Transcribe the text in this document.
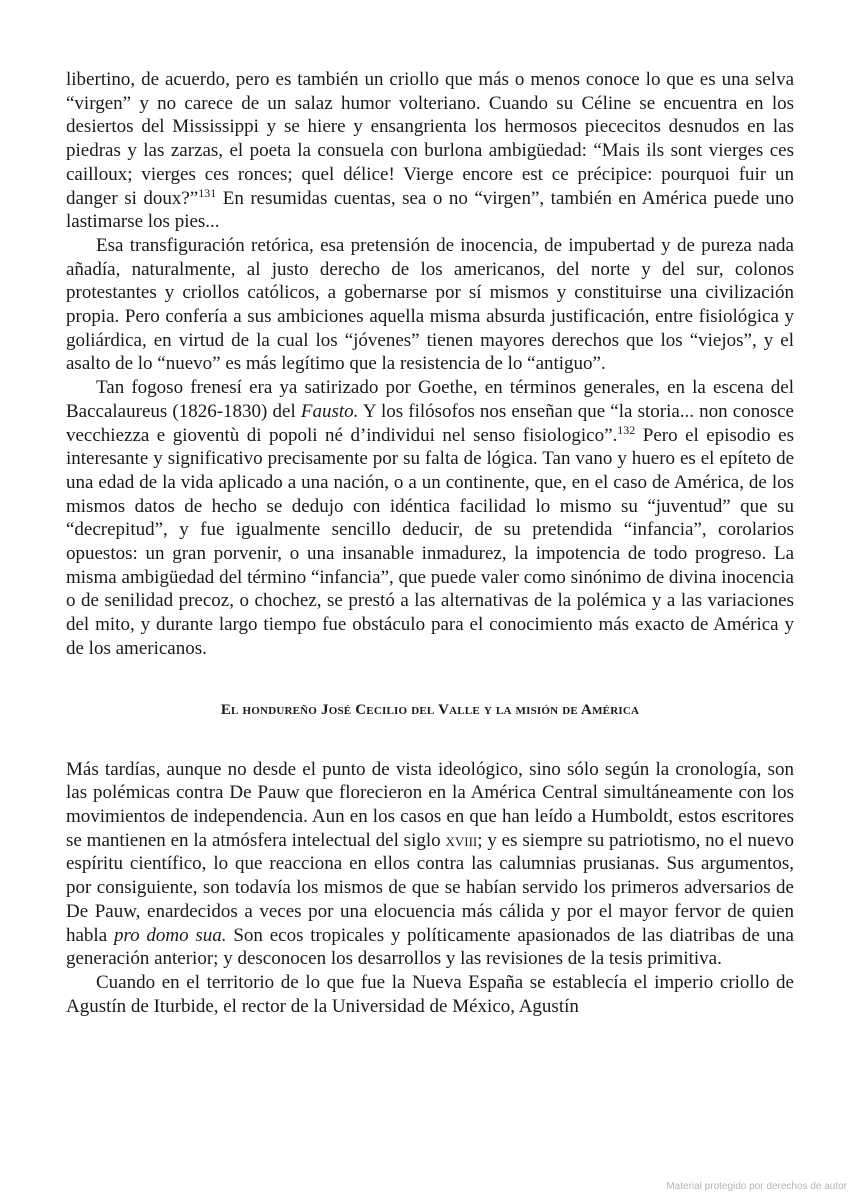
libertino, de acuerdo, pero es también un criollo que más o menos conoce lo que es una selva “virgen” y no carece de un salaz humor volteriano. Cuando su Céline se encuentra en los desiertos del Mississippi y se hiere y ensangrienta los hermosos piececitos desnudos en las piedras y las zarzas, el poeta la consuela con burlona ambigüedad: “Mais ils sont vierges ces cailloux; vierges ces ronces; quel délice! Vierge encore est ce précipice: pourquoi fuir un danger si doux?”$^{131}$ En resumidas cuentas, sea o no “virgen”, también en América puede uno lastimarse los pies...

Esa transfiguración retórica, esa pretensión de inocencia, de impubertad y de pureza nada añadía, naturalmente, al justo derecho de los americanos, del norte y del sur, colonos protestantes y criollos católicos, a gobernarse por sí mismos y constituirse una civilización propia. Pero confería a sus ambiciones aquella misma absurda justificación, entre fisiológica y goliárdica, en virtud de la cual los “jóvenes” tienen mayores derechos que los “viejos”, y el asalto de lo “nuevo” es más legítimo que la resistencia de lo “antiguo”.

Tan fogoso frenesí era ya satirizado por Goethe, en términos generales, en la escena del Baccalaureus (1826-1830) del Fausto. Y los filósofos nos enseñan que “la storia... non conosce vecchiezza e gioventù di popoli né d’individui nel senso fisiologico”.$^{132}$ Pero el episodio es interesante y significativo precisamente por su falta de lógica. Tan vano y huero es el epíteto de una edad de la vida aplicado a una nación, o a un continente, que, en el caso de América, de los mismos datos de hecho se dedujo con idéntica facilidad lo mismo su “juventud” que su “decrepitud”, y fue igualmente sencillo deducir, de su pretendida “infancia”, corolarios opuestos: un gran porvenir, o una insanable inmadurez, la impotencia de todo progreso. La misma ambigüedad del término “infancia”, que puede valer como sinónimo de divina inocencia o de senilidad precoz, o chochez, se prestó a las alternativas de la polémica y a las variaciones del mito, y durante largo tiempo fue obstáculo para el conocimiento más exacto de América y de los americanos.

El hondureño José Cecilio del Valle y la misión de América

Más tardías, aunque no desde el punto de vista ideológico, sino sólo según la cronología, son las polémicas contra De Pauw que florecieron en la América Central simultáneamente con los movimientos de independencia. Aun en los casos en que han leído a Humboldt, estos escritores se mantienen en la atmósfera intelectual del siglo xviii; y es siempre su patriotismo, no el nuevo espíritu científico, lo que reacciona en ellos contra las calumnias prusianas. Sus argumentos, por consiguiente, son todavía los mismos de que se habían servido los primeros adversarios de De Pauw, enardecidos a veces por una elocuencia más cálida y por el mayor fervor de quien habla pro domo sua. Son ecos tropicales y políticamente apasionados de las diatribas de una generación anterior; y desconocen los desarrollos y las revisiones de la tesis primitiva.

Cuando en el territorio de lo que fue la Nueva España se establecía el imperio criollo de Agustín de Iturbide, el rector de la Universidad de México, Agustín

Material protegido por derechos de autor
